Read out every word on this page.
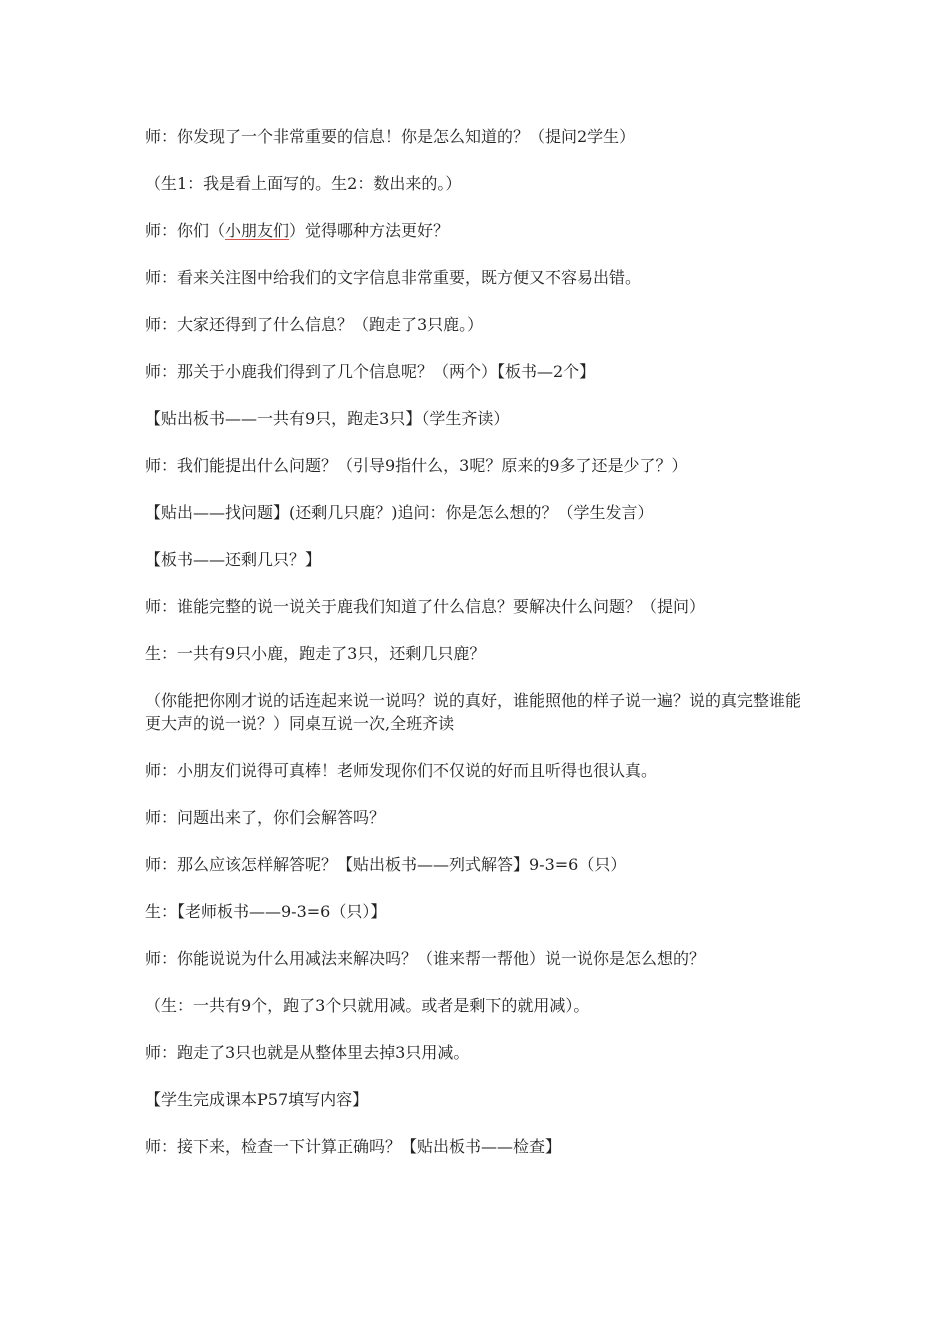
师：你发现了一个非常重要的信息！你是怎么知道的？（提问2学生）

（生1：我是看上面写的。生2：数出来的。）

师：你们（小朋友们）觉得哪种方法更好？

师：看来关注图中给我们的文字信息非常重要，既方便又不容易出错。

师：大家还得到了什么信息？（跑走了3只鹿。）

师：那关于小鹿我们得到了几个信息呢？（两个）【板书—2个】

【贴出板书——一共有9只，跑走3只】（学生齐读）

师：我们能提出什么问题？（引导9指什么，3呢？原来的9多了还是少了？）

【贴出——找问题】(还剩几只鹿？)追问：你是怎么想的？（学生发言）

【板书——还剩几只？】

师：谁能完整的说一说关于鹿我们知道了什么信息？要解决什么问题？（提问）

生：一共有9只小鹿，跑走了3只，还剩几只鹿？

（你能把你刚才说的话连起来说一说吗？说的真好，谁能照他的样子说一遍？说的真完整谁能更大声的说一说？）同桌互说一次,全班齐读

师：小朋友们说得可真棒！老师发现你们不仅说的好而且听得也很认真。

师：问题出来了，你们会解答吗？

师：那么应该怎样解答呢？【贴出板书——列式解答】9-3=6（只）

生：【老师板书——9-3=6（只）】

师：你能说说为什么用减法来解决吗？（谁来帮一帮他）说一说你是怎么想的？

（生：一共有9个，跑了3个只就用减。或者是剩下的就用减）。

师：跑走了3只也就是从整体里去掉3只用减。

【学生完成课本P57填写内容】

师：接下来，检查一下计算正确吗？【贴出板书——检查】
